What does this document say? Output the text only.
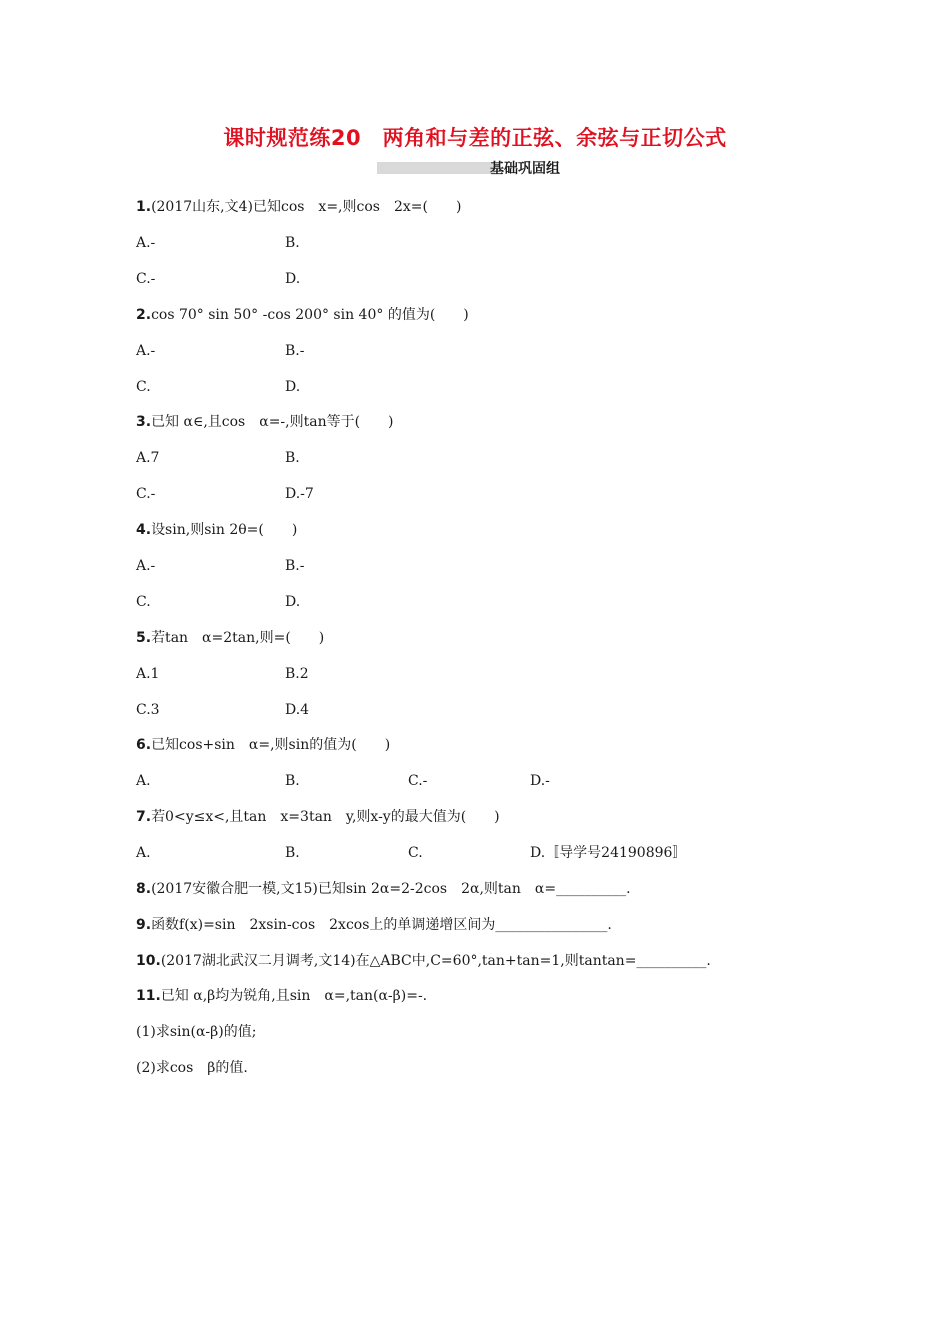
课时规范练20　两角和与差的正弦、余弦与正切公式
基础巩固组
1.(2017山东,文4)已知cos　x=,则cos　2x=(　　)
A.-	B.
C.-	D.
2.cos 70° sin 50° -cos 200° sin 40° 的值为(　　)
A.-	B.-
C.	D.
3.已知 α∈,且cos　α=-,则tan等于(　　)
A.7	B.
C.-	D.-7
4.设sin,则sin 2θ=(　　)
A.-	B.-
C.	D.
5.若tan　α=2tan,则=(　　)
A.1	B.2
C.3	D.4
6.已知cos+sin　α=,则sin的值为(　　)
A.	B.	C.-	D.-
7.若0<y≤x<,且tan　x=3tan　y,则x-y的最大值为(　　)
A.	B.	C.	D.〚导学号24190896〛
8.(2017安徽合肥一模,文15)已知sin 2α=2-2cos　2α,则tan　α=__________.
9.函数f(x)=sin　2xsin-cos　2xcos上的单调递增区间为________________.
10.(2017湖北武汉二月调考,文14)在△ABC中,C=60°,tan+tan=1,则tantan=__________.
11.已知 α,β均为锐角,且sin　α=,tan(α-β)=-.
(1)求sin(α-β)的值;
(2)求cos　β的值.
